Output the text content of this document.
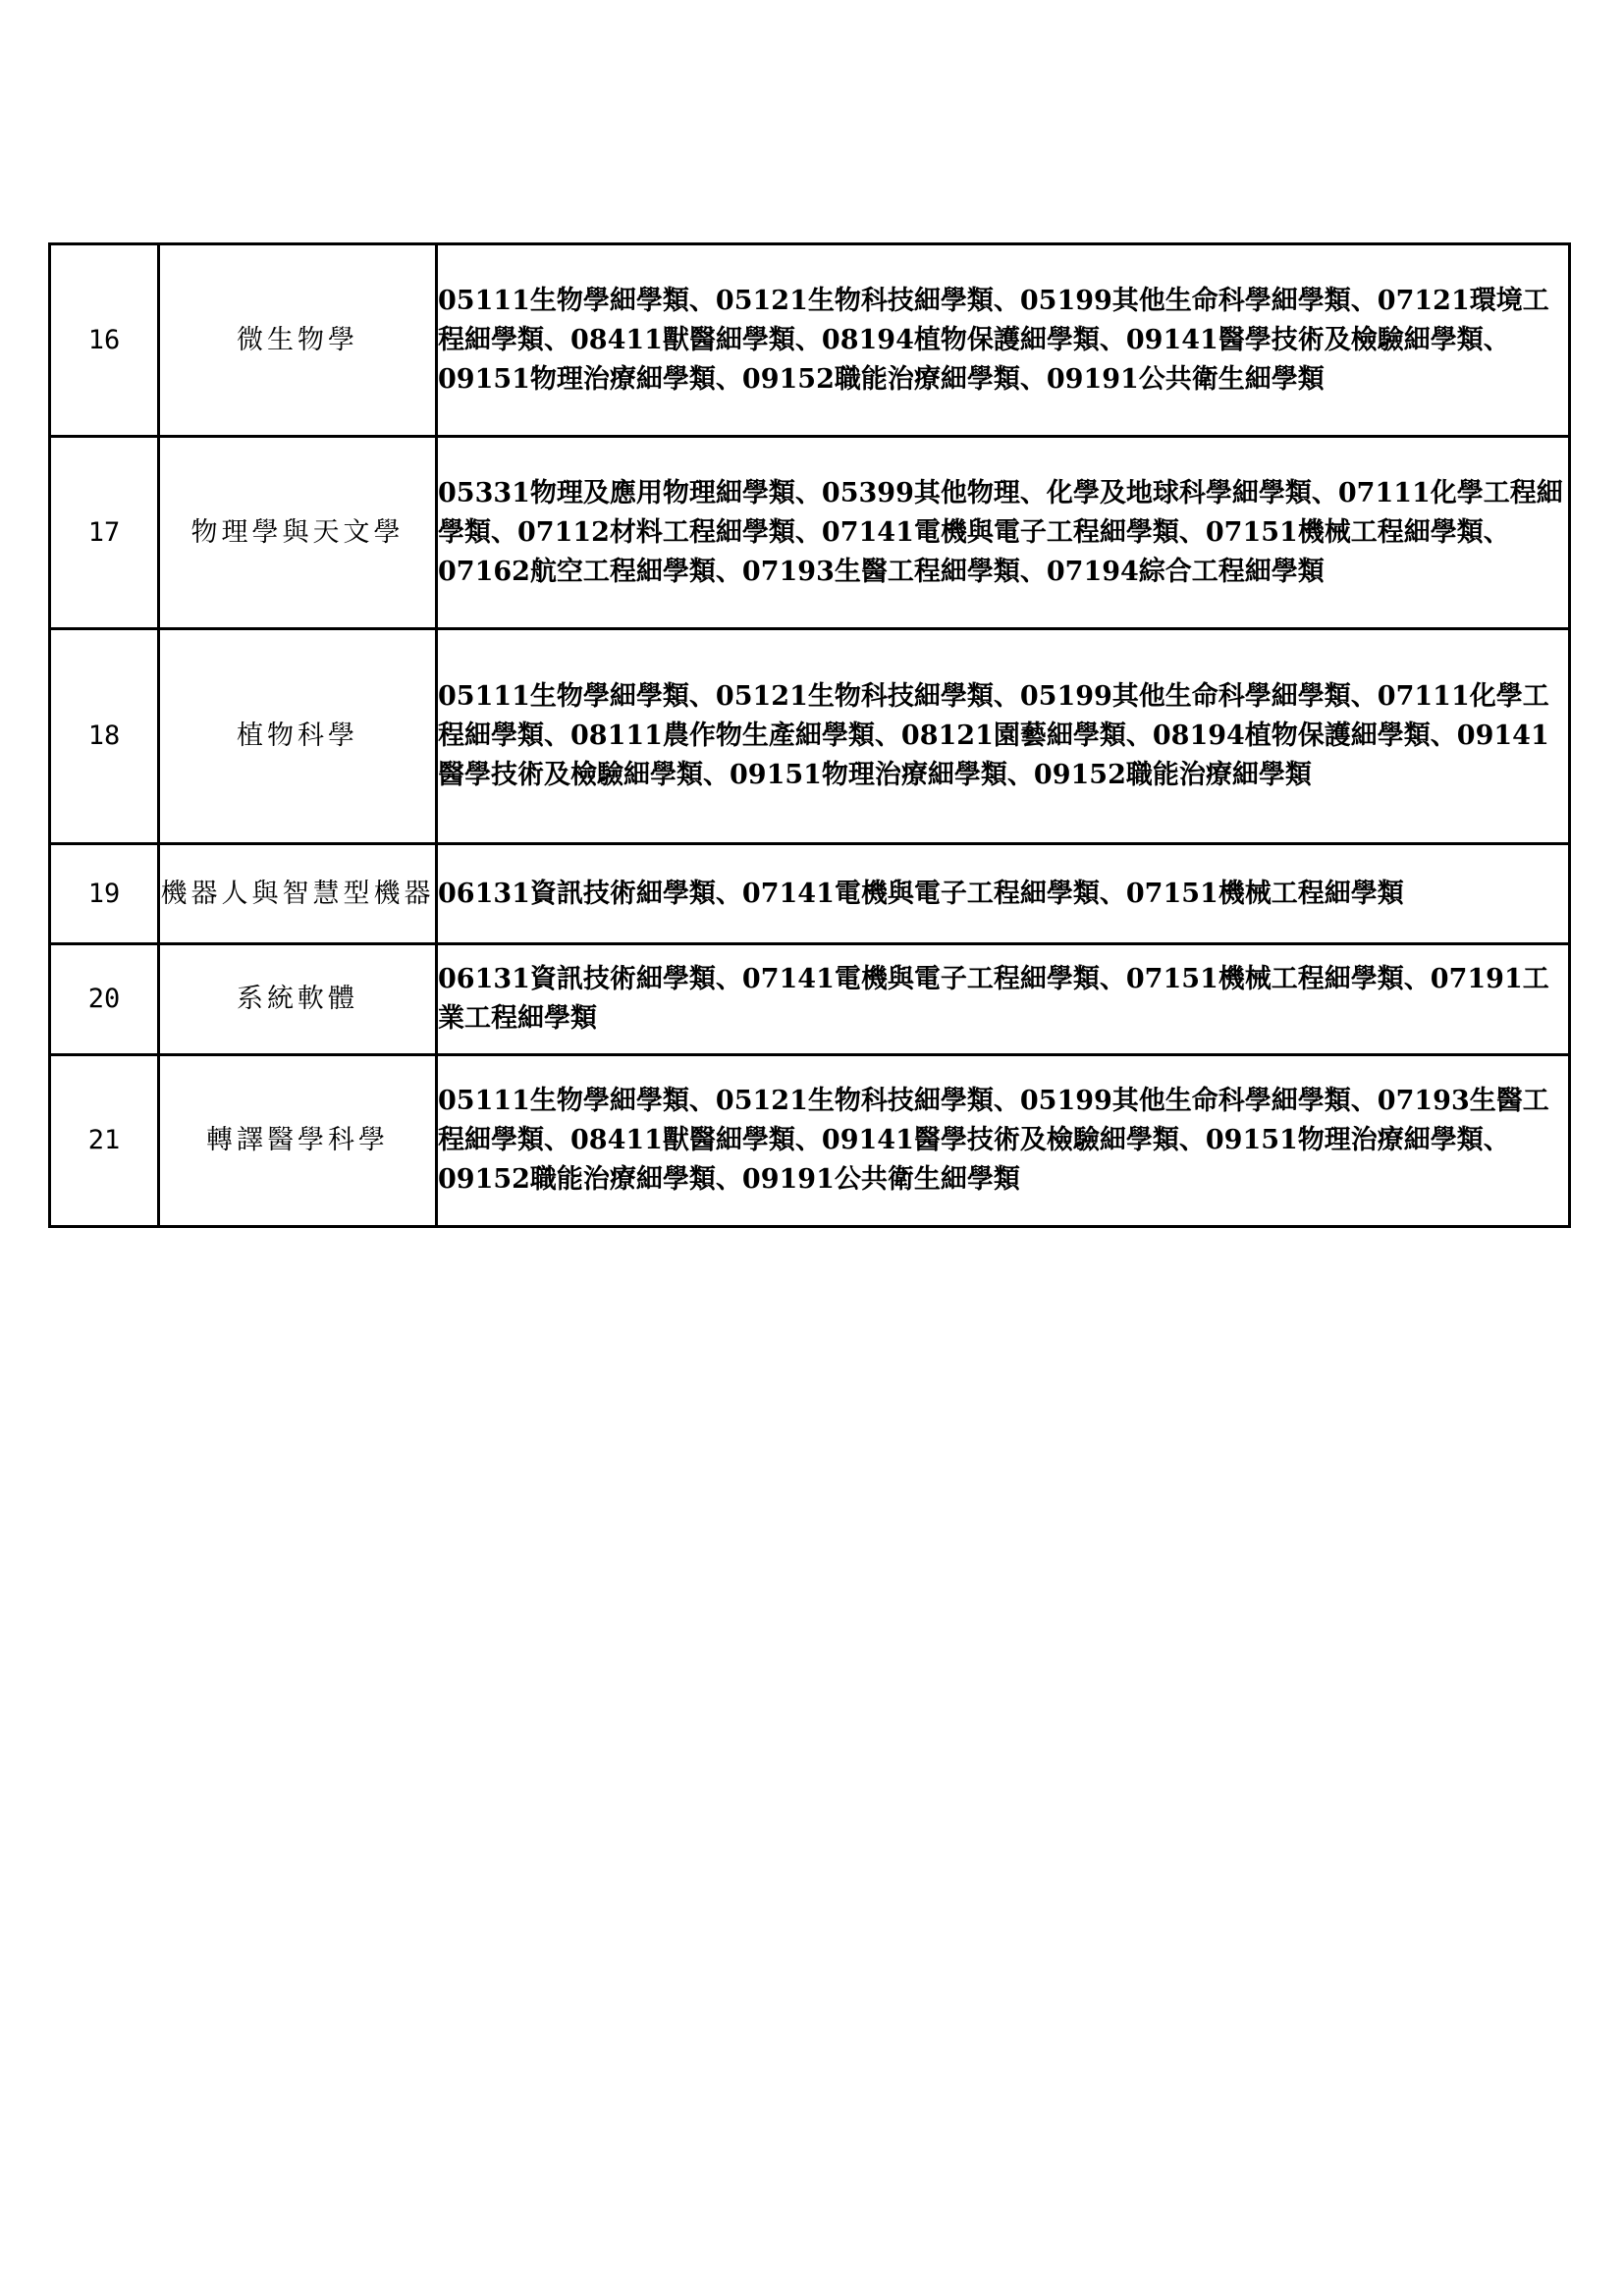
16	微生物學	05111生物學細學類、05121生物科技細學類、05199其他生命科學細學類、07121環境工程細學類、08411獸醫細學類、08194植物保護細學類、09141醫學技術及檢驗細學類、09151物理治療細學類、09152職能治療細學類、09191公共衛生細學類
17	物理學與天文學	05331物理及應用物理細學類、05399其他物理、化學及地球科學細學類、07111化學工程細學類、07112材料工程細學類、07141電機與電子工程細學類、07151機械工程細學類、07162航空工程細學類、07193生醫工程細學類、07194綜合工程細學類
18	植物科學	05111生物學細學類、05121生物科技細學類、05199其他生命科學細學類、07111化學工程細學類、08111農作物生產細學類、08121園藝細學類、08194植物保護細學類、09141醫學技術及檢驗細學類、09151物理治療細學類、09152職能治療細學類
19	機器人與智慧型機器	06131資訊技術細學類、07141電機與電子工程細學類、07151機械工程細學類
20	系統軟體	06131資訊技術細學類、07141電機與電子工程細學類、07151機械工程細學類、07191工業工程細學類
21	轉譯醫學科學	05111生物學細學類、05121生物科技細學類、05199其他生命科學細學類、07193生醫工程細學類、08411獸醫細學類、09141醫學技術及檢驗細學類、09151物理治療細學類、09152職能治療細學類、09191公共衛生細學類
